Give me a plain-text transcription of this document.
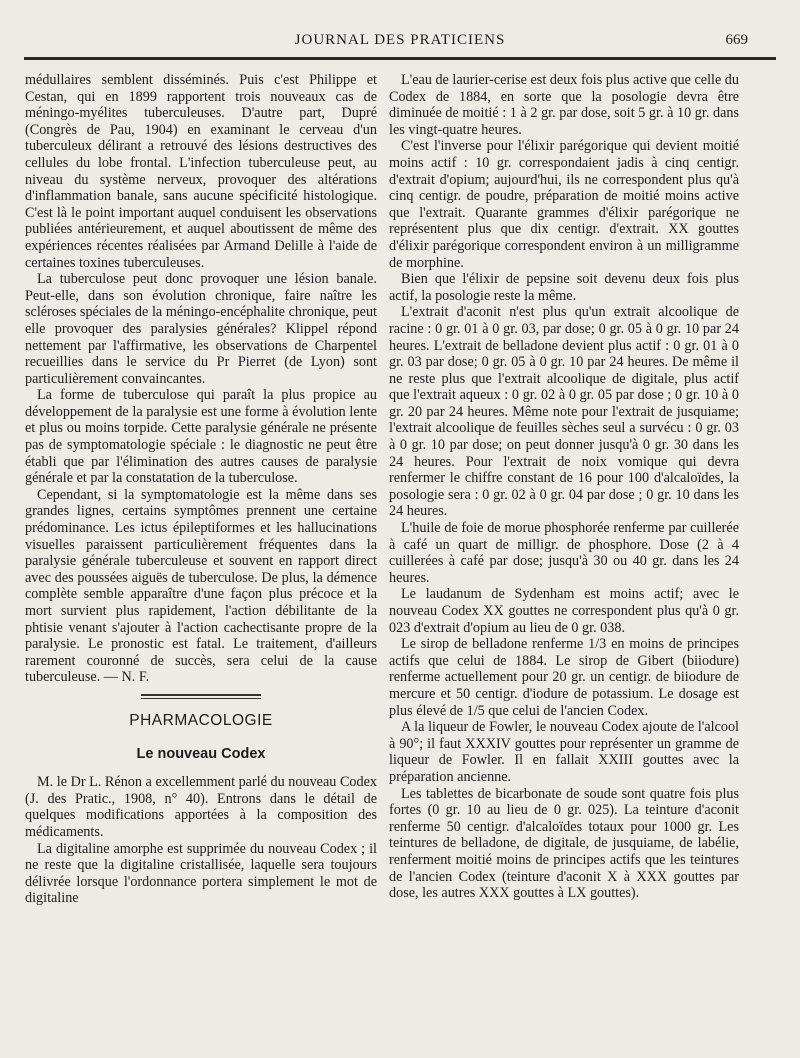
JOURNAL DES PRATICIENS	669

médullaires semblent disséminés. Puis c'est Philippe et Cestan, qui en 1899 rapportent trois nouveaux cas de méningo-myélites tuberculeuses. D'autre part, Dupré (Congrès de Pau, 1904) en examinant le cerveau d'un tuberculeux délirant a retrouvé des lésions destructives des cellules du lobe frontal. L'infection tuberculeuse peut, au niveau du système nerveux, provoquer des altérations d'inflammation banale, sans aucune spécificité histologique. C'est là le point important auquel conduisent les observations publiées antérieurement, et auquel aboutissent de même des expériences récentes réalisées par Armand Delille à l'aide de certaines toxines tuberculeuses.

La tuberculose peut donc provoquer une lésion banale. Peut-elle, dans son évolution chronique, faire naître les scléroses spéciales de la méningo-encéphalite chronique, peut elle provoquer des paralysies générales? Klippel répond nettement par l'affirmative, les observations de Charpentel recueillies dans le service du Pr Pierret (de Lyon) sont particulièrement convaincantes.

La forme de tuberculose qui paraît la plus propice au développement de la paralysie est une forme à évolution lente et plus ou moins torpide. Cette paralysie générale ne présente pas de symptomatologie spéciale : le diagnostic ne peut être établi que par l'élimination des autres causes de paralysie générale et par la constatation de la tuberculose.

Cependant, si la symptomatologie est la même dans ses grandes lignes, certains symptômes prennent une certaine prédominance. Les ictus épileptiformes et les hallucinations visuelles paraissent particulièrement fréquentes dans la paralysie générale tuberculeuse et souvent en rapport direct avec des poussées aiguës de tuberculose. De plus, la démence complète semble apparaître d'une façon plus précoce et la mort survient plus rapidement, l'action débilitante de la phtisie venant s'ajouter à l'action cachectisante propre de la paralysie. Le pronostic est fatal. Le traitement, d'ailleurs rarement couronné de succès, sera celui de la cause tuberculeuse. — N. F.

PHARMACOLOGIE
Le nouveau Codex

M. le Dr L. Rénon a excellemment parlé du nouveau Codex (J. des Pratic., 1908, n° 40). Entrons dans le détail de quelques modifications apportées à la composition des médicaments.

La digitaline amorphe est supprimée du nouveau Codex ; il ne reste que la digitaline cristallisée, laquelle sera toujours délivrée lorsque l'ordonnance portera simplement le mot de digitaline

L'eau de laurier-cerise est deux fois plus active que celle du Codex de 1884, en sorte que la posologie devra être diminuée de moitié : 1 à 2 gr. par dose, soit 5 gr. à 10 gr. dans les vingt-quatre heures.

C'est l'inverse pour l'élixir parégorique qui devient moitié moins actif : 10 gr. correspondaient jadis à cinq centigr. d'extrait d'opium; aujourd'hui, ils ne correspondent plus qu'à cinq centigr. de poudre, préparation de moitié moins active que l'extrait. Quarante grammes d'élixir parégorique ne représentent plus que dix centigr. d'extrait. XX gouttes d'élixir parégorique correspondent environ à un milligramme de morphine.

Bien que l'élixir de pepsine soit devenu deux fois plus actif, la posologie reste la même.

L'extrait d'aconit n'est plus qu'un extrait alcoolique de racine : 0 gr. 01 à 0 gr. 03, par dose; 0 gr. 05 à 0 gr. 10 par 24 heures. L'extrait de belladone devient plus actif : 0 gr. 01 à 0 gr. 03 par dose; 0 gr. 05 à 0 gr. 10 par 24 heures. De même il ne reste plus que l'extrait alcoolique de digitale, plus actif que l'extrait aqueux : 0 gr. 02 à 0 gr. 05 par dose ; 0 gr. 10 à 0 gr. 20 par 24 heures. Même note pour l'extrait de jusquiame; l'extrait alcoolique de feuilles sèches seul a survécu : 0 gr. 03 à 0 gr. 10 par dose; on peut donner jusqu'à 0 gr. 30 dans les 24 heures. Pour l'extrait de noix vomique qui devra renfermer le chiffre constant de 16 pour 100 d'alcaloïdes, la posologie sera : 0 gr. 02 à 0 gr. 04 par dose ; 0 gr. 10 dans les 24 heures.

L'huile de foie de morue phosphorée renferme par cuillerée à café un quart de milligr. de phosphore. Dose (2 à 4 cuillerées à café par dose; jusqu'à 30 ou 40 gr. dans les 24 heures.

Le laudanum de Sydenham est moins actif; avec le nouveau Codex XX gouttes ne correspondent plus qu'à 0 gr. 023 d'extrait d'opium au lieu de 0 gr. 038.

Le sirop de belladone renferme 1/3 en moins de principes actifs que celui de 1884. Le sirop de Gibert (biiodure) renferme actuellement pour 20 gr. un centigr. de biiodure de mercure et 50 centigr. d'iodure de potassium. Le dosage est plus élevé de 1/5 que celui de l'ancien Codex.

A la liqueur de Fowler, le nouveau Codex ajoute de l'alcool à 90°; il faut XXXIV gouttes pour représenter un gramme de liqueur de Fowler. Il en fallait XXIII gouttes avec la préparation ancienne.

Les tablettes de bicarbonate de soude sont quatre fois plus fortes (0 gr. 10 au lieu de 0 gr. 025). La teinture d'aconit renferme 50 centigr. d'alcaloïdes totaux pour 1000 gr. Les teintures de belladone, de digitale, de jusquiame, de labélie, renferment moitié moins de principes actifs que les teintures de l'ancien Codex (teinture d'aconit X à XXX gouttes par dose, les autres XXX gouttes à LX gouttes).
